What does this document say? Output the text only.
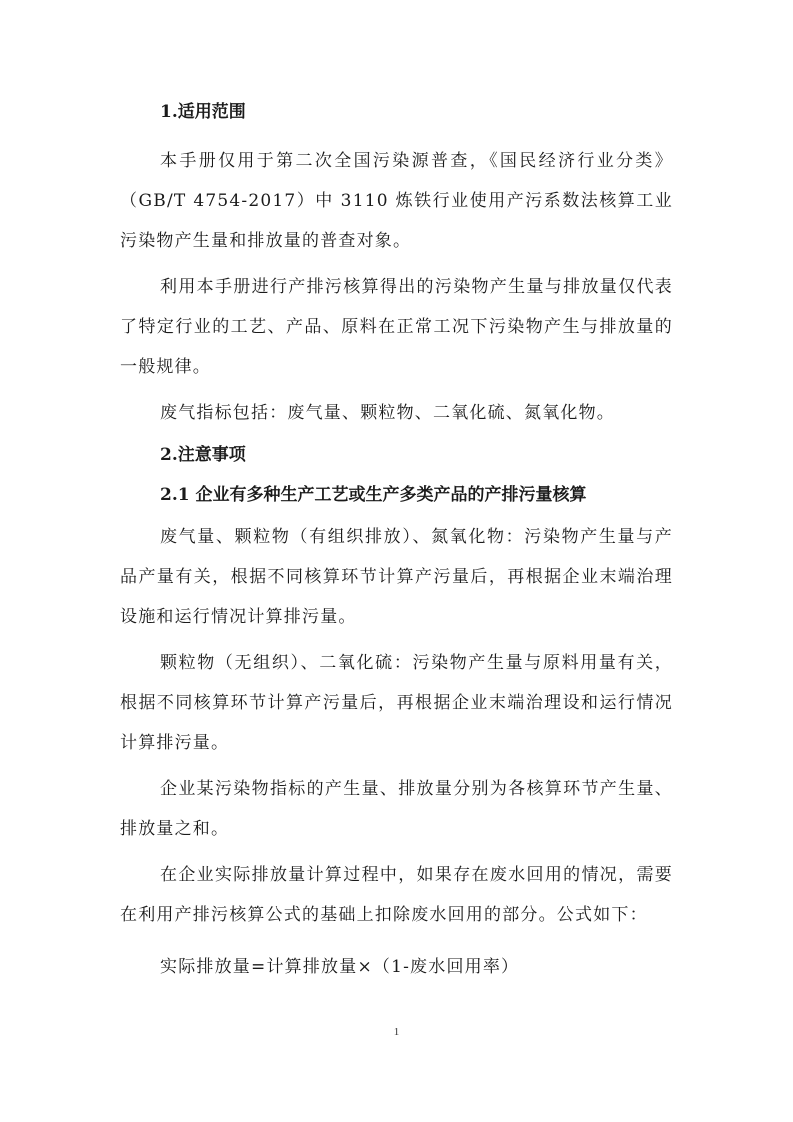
1.适用范围

本手册仅用于第二次全国污染源普查，《国民经济行业分类》（GB/T 4754-2017）中 3110 炼铁行业使用产污系数法核算工业污染物产生量和排放量的普查对象。

利用本手册进行产排污核算得出的污染物产生量与排放量仅代表了特定行业的工艺、产品、原料在正常工况下污染物产生与排放量的一般规律。

废气指标包括：废气量、颗粒物、二氧化硫、氮氧化物。

2.注意事项

2.1 企业有多种生产工艺或生产多类产品的产排污量核算

废气量、颗粒物（有组织排放）、氮氧化物：污染物产生量与产品产量有关，根据不同核算环节计算产污量后，再根据企业末端治理设施和运行情况计算排污量。

颗粒物（无组织）、二氧化硫：污染物产生量与原料用量有关，根据不同核算环节计算产污量后，再根据企业末端治理设和运行情况计算排污量。

企业某污染物指标的产生量、排放量分别为各核算环节产生量、排放量之和。

在企业实际排放量计算过程中，如果存在废水回用的情况，需要在利用产排污核算公式的基础上扣除废水回用的部分。公式如下：

实际排放量=计算排放量×（1-废水回用率）

1
